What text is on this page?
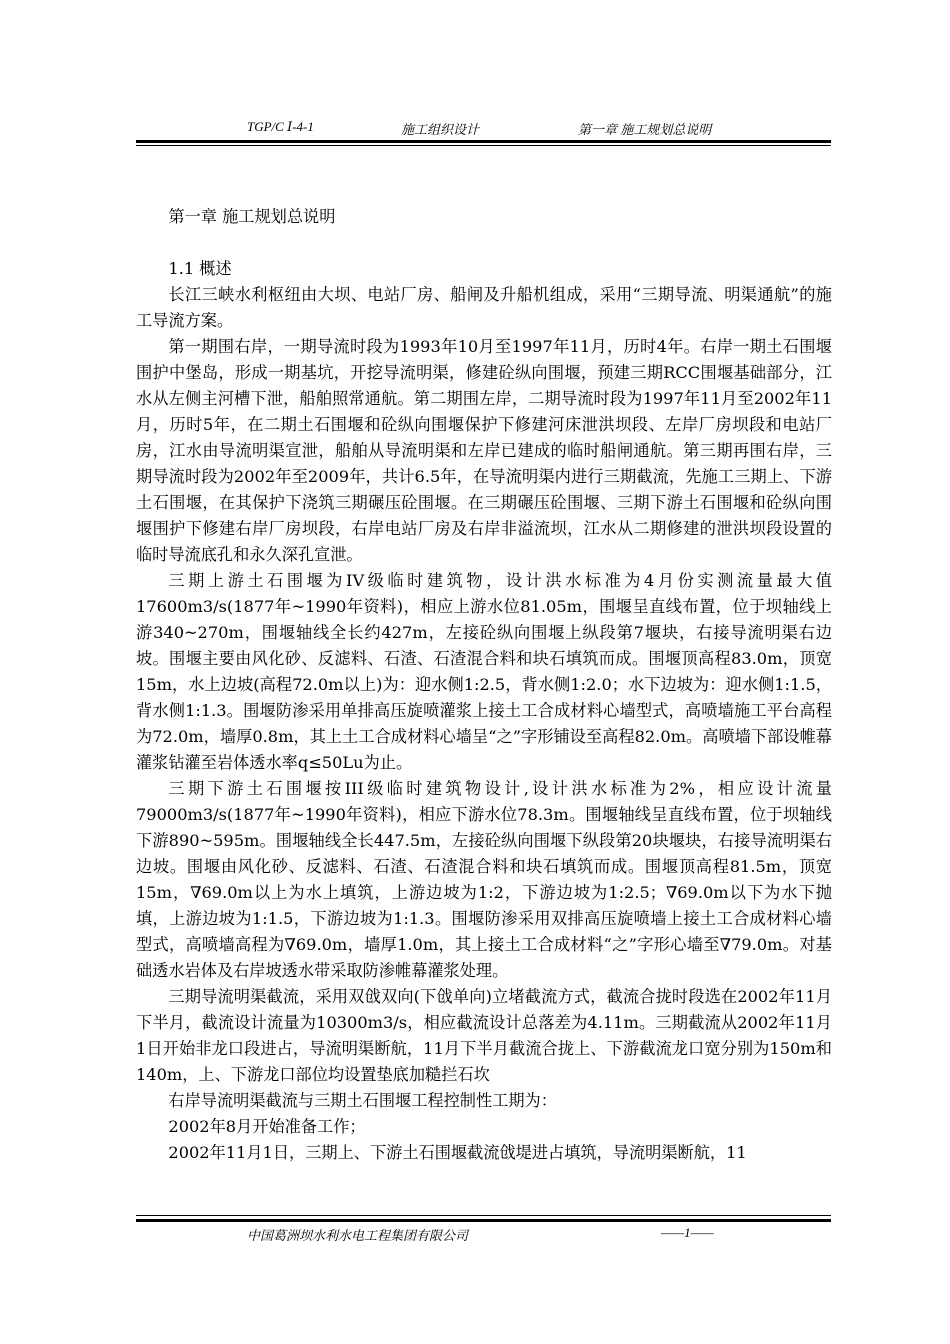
TGP/C Ⅰ-4-1	施工组织设计	第一章 施工规划总说明

第一章 施工规划总说明

1.1 概述

长江三峡水利枢纽由大坝、电站厂房、船闸及升船机组成，采用“三期导流、明渠通航”的施工导流方案。

第一期围右岸，一期导流时段为1993年10月至1997年11月，历时4年。右岸一期土石围堰围护中堡岛，形成一期基坑，开挖导流明渠，修建砼纵向围堰，预建三期RCC围堰基础部分，江水从左侧主河槽下泄，船舶照常通航。第二期围左岸，二期导流时段为1997年11月至2002年11月，历时5年，在二期土石围堰和砼纵向围堰保护下修建河床泄洪坝段、左岸厂房坝段和电站厂房，江水由导流明渠宣泄，船舶从导流明渠和左岸已建成的临时船闸通航。第三期再围右岸，三期导流时段为2002年至2009年，共计6.5年，在导流明渠内进行三期截流，先施工三期上、下游土石围堰，在其保护下浇筑三期碾压砼围堰。在三期碾压砼围堰、三期下游土石围堰和砼纵向围堰围护下修建右岸厂房坝段，右岸电站厂房及右岸非溢流坝，江水从二期修建的泄洪坝段设置的临时导流底孔和永久深孔宣泄。

三期上游土石围堰为IV级临时建筑物，设计洪水标准为4月份实测流量最大值17600m3/s(1877年~1990年资料)，相应上游水位81.05m，围堰呈直线布置，位于坝轴线上游340~270m，围堰轴线全长约427m，左接砼纵向围堰上纵段第7堰块，右接导流明渠右边坡。围堰主要由风化砂、反滤料、石渣、石渣混合料和块石填筑而成。围堰顶高程83.0m，顶宽15m，水上边坡(高程72.0m以上)为：迎水侧1:2.5，背水侧1:2.0；水下边坡为：迎水侧1:1.5，背水侧1:1.3。围堰防渗采用单排高压旋喷灌浆上接土工合成材料心墙型式，高喷墙施工平台高程为72.0m，墙厚0.8m，其上土工合成材料心墙呈“之”字形铺设至高程82.0m。高喷墙下部设帷幕灌浆钻灌至岩体透水率q≤50Lu为止。

三期下游土石围堰按III级临时建筑物设计,设计洪水标准为2%，相应设计流量79000m3/s(1877年~1990年资料)，相应下游水位78.3m。围堰轴线呈直线布置，位于坝轴线下游890~595m。围堰轴线全长447.5m，左接砼纵向围堰下纵段第20块堰块，右接导流明渠右边坡。围堰由风化砂、反滤料、石渣、石渣混合料和块石填筑而成。围堰顶高程81.5m，顶宽15m，∇69.0m以上为水上填筑，上游边坡为1:2，下游边坡为1:2.5；∇69.0m以下为水下抛填，上游边坡为1:1.5，下游边坡为1:1.3。围堰防渗采用双排高压旋喷墙上接土工合成材料心墙型式，高喷墙高程为∇69.0m，墙厚1.0m，其上接土工合成材料“之”字形心墙至∇79.0m。对基础透水岩体及右岸坡透水带采取防渗帷幕灌浆处理。

三期导流明渠截流，采用双戗双向(下戗单向)立堵截流方式，截流合拢时段选在2002年11月下半月，截流设计流量为10300m3/s，相应截流设计总落差为4.11m。三期截流从2002年11月1日开始非龙口段进占，导流明渠断航，11月下半月截流合拢上、下游截流龙口宽分别为150m和140m，上、下游龙口部位均设置垫底加糙拦石坎

右岸导流明渠截流与三期土石围堰工程控制性工期为：

2002年8月开始准备工作；

2002年11月1日，三期上、下游土石围堰截流戗堤进占填筑，导流明渠断航，11

中国葛洲坝水利水电工程集团有限公司	——1——
